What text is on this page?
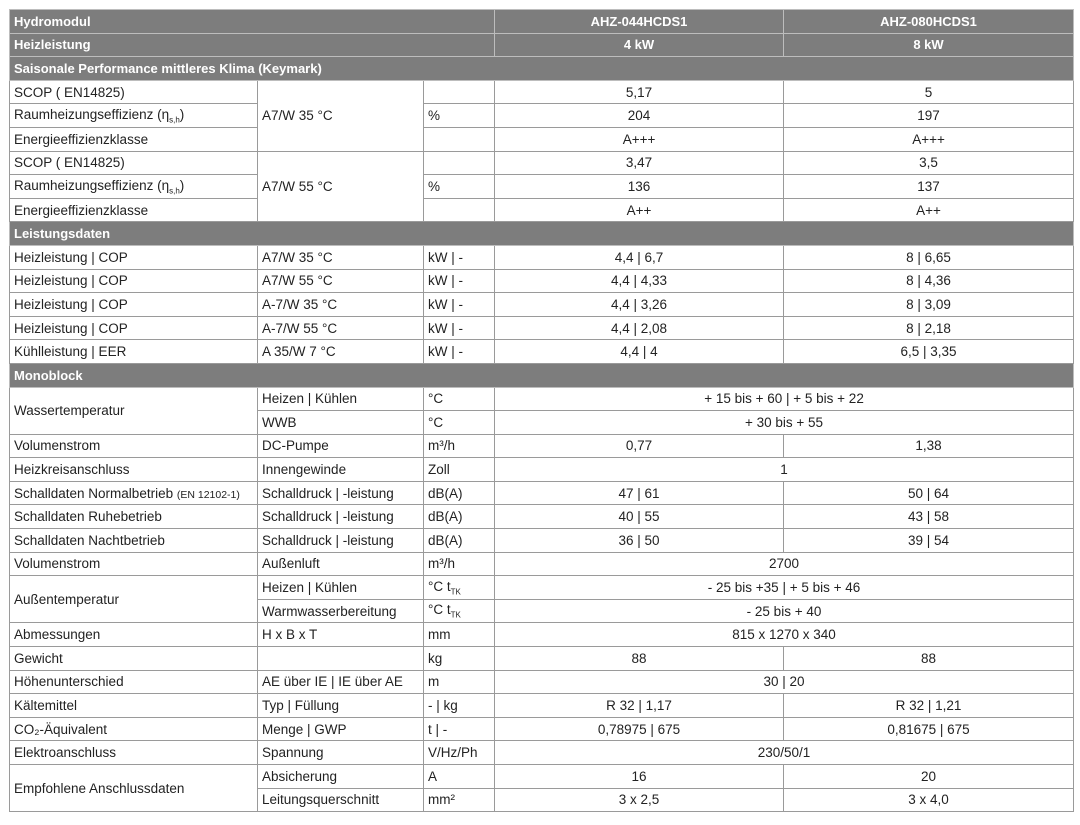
Hydromodul			AHZ-044HCDS1	AHZ-080HCDS1
Heizleistung			4 kW	8 kW
Saisonale Performance mittleres Klima (Keymark)				
SCOP ( EN14825)	A7/W 35 °C		5,17	5
Raumheizungseffizienz $(\eta_{s,h})$		%	204	197
Energieeffizienzklasse			A+++	A+++
SCOP ( EN14825)	A7/W 55 °C		3,47	3,5
Raumheizungseffizienz $(\eta_{s,h})$		%	136	137
Energieeffizienzklasse			A++	A++
Leistungsdaten				
Heizleistung | COP	A7/W 35 °C	kW | -	4,4 | 6,7	8 | 6,65
Heizleistung | COP	A7/W 55 °C	kW | -	4,4 | 4,33	8 | 4,36
Heizleistung | COP	A-7/W 35 °C	kW | -	4,4 | 3,26	8 | 3,09
Heizleistung | COP	A-7/W 55 °C	kW | -	4,4 | 2,08	8 | 2,18
Kühlleistung | EER	A 35/W 7 °C	kW | -	4,4 | 4	6,5 | 3,35
Monoblock				
Wassertemperatur	Heizen | Kühlen	°C	+ 15 bis + 60 | + 5 bis + 22	
	WWB	°C	+ 30 bis + 55	
Volumenstrom	DC-Pumpe	m³/h	0,77	1,38
Heizkreisanschluss	Innengewinde	Zoll	1	
Schalldaten Normalbetrieb (EN 12102-1)	Schalldruck | -leistung	dB(A)	47 | 61	50 | 64
Schalldaten Ruhebetrieb	Schalldruck | -leistung	dB(A)	40 | 55	43 | 58
Schalldaten Nachtbetrieb	Schalldruck | -leistung	dB(A)	36 | 50	39 | 54
Volumenstrom	Außenluft	m³/h	2700	
Außentemperatur	Heizen | Kühlen	°C $t_{TK}$	- 25 bis +35 | + 5 bis + 46	
	Warmwasserbereitung	°C $t_{TK}$	- 25 bis + 40	
Abmessungen	H x B x T	mm	815 x 1270 x 340	
Gewicht		kg	88	88
Höhenunterschied	AE über IE | IE über AE	m	30 | 20	
Kältemittel	Typ | Füllung	- | kg	R 32 | 1,17	R 32 | 1,21
CO₂-Äquivalent	Menge | GWP	t | -	0,78975 | 675	0,81675 | 675
Elektroanschluss	Spannung	V/Hz/Ph	230/50/1	
Empfohlene Anschlussdaten	Absicherung	A	16	20
	Leitungsquerschnitt	mm²	3 x 2,5	3 x 4,0
